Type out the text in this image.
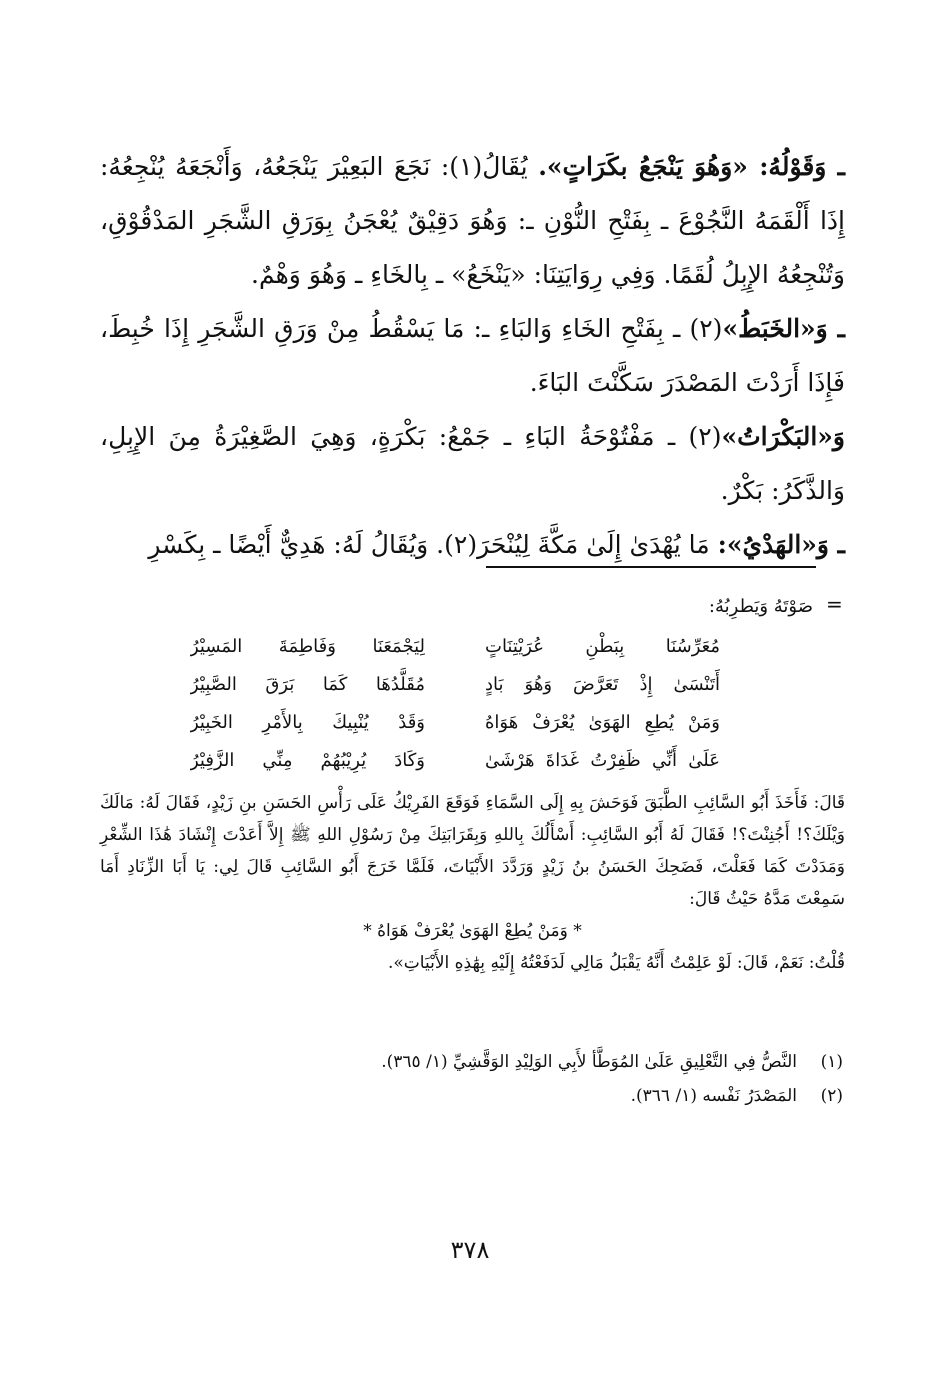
ـ وَقَوْلُهُ: «وَهُوَ يَنْجَعُ بكَرَاتٍ». يُقَالُ(١): نَجَعَ البَعِيْرَ يَنْجَعُهُ، وَأَنْجَعَهُ يُنْجِعُهُ: إِذَا أَلْقَمَهُ النَّجُوْعَ ـ بِفَتْحِ النُّوْنِ ـ: وَهُوَ دَقِيْقٌ يُعْجَنُ بِوَرَقِ الشَّجَرِ المَدْقُوْقِ، وَتُنْجِعُهُ الإِبِلُ لُقَمًا. وَفِي رِوَايَتِنَا: «يَنْخَعُ» ـ بِالخَاءِ ـ وَهُوَ وَهْمٌ.

ـ وَ«الخَبَطُ»(٢) ـ بِفَتْحِ الخَاءِ وَالبَاءِ ـ: مَا يَسْقُطُ مِنْ وَرَقِ الشَّجَرِ إِذَا خُبِطَ، فَإِذَا أَرَدْتَ المَصْدَرَ سَكَّنْتَ البَاءَ.

وَ«البَكْرَاتُ»(٢) ـ مَفْتُوْحَةُ البَاءِ ـ جَمْعُ: بَكْرَةٍ، وَهِيَ الصَّغِيْرَةُ مِنَ الإِبِلِ، وَالذَّكَرُ: بَكْرٌ.

ـ وَ«الهَدْيُ»: مَا يُهْدَىٰ إِلَىٰ مَكَّةَ لِيُنْحَرَ(٢). وَيُقَالُ لَهُ: هَدِيٌّ أَيْضًا ـ بِكَسْرِ

=
صَوْتَهُ وَيَطرِبُهُ:
مُعَرِّسُنَا بِبَطْنِ عُرَيْتِنَاتٍ
لِيَجْمَعَنَا وَفَاطِمَةَ المَسِيْرُ
أَتَنْسَىٰ إِذْ تَعَرَّضَ وَهُوَ بَادٍ
مُقَلَّدُهَا كَمَا بَرَقَ الصَّبِيْرُ
وَمَنْ يُطِعِ الهَوَىٰ يُعْرَفْ هَوَاهُ
وَقَدْ يُنْبِيكَ بِالأَمْرِ الخَبِيْرُ
عَلَىٰ أَنِّي ظَفِرْتُ غَدَاةَ هَرْشَىٰ
وَكَادَ يُرِيْبُهُمْ مِنِّي الزَّفِيْرُ

قَالَ: فَأَخَذَ أَبُو السَّائِبِ الطَّبَقَ فَوَحَشَ بِهِ إِلَى السَّمَاءِ فَوَقَعَ الفَرِيْكُ عَلَى رَأْسِ الحَسَنِ بنِ زَيْدٍ، فَقَالَ لَهُ: مَالَكَ وَيْلَكَ؟! أَجُنِنْتَ؟! فَقَالَ لَهُ أَبُو السَّائِبِ: أَسْأَلُكَ بِاللهِ وَبِقَرَابَتِكَ مِنْ رَسُوْلِ اللهِ ﷺ إِلاَّ أَعَدْتَ إِنْشَادَ هَٰذَا الشِّعْرِ وَمَدَدْتَ كَمَا فَعَلْتَ، فَضَحِكَ الحَسَنُ بنُ زَيْدٍ وَرَدَّدَ الأَبْيَاتَ، فَلَمَّا خَرَجَ أَبُو السَّائِبِ قَالَ لِي: يَا أَبَا الزِّنَادِ أَمَا سَمِعْتَ مَدَّهُ حَيْثُ قَالَ:

* وَمَنْ يُطِعْ الهَوَىٰ يُعْرَفْ هَوَاهُ *

قُلْتُ: نَعَمْ، قَالَ: لَوْ عَلِمْتُ أَنَّهُ يَقْبَلُ مَالِي لَدَفَعْتُهُ إِلَيْهِ بِهَٰذِهِ الأَبْيَاتِ».

(١)
النَّصُّ فِي التَّعْلِيقِ عَلَىٰ المُوَطَّأ لأَبِي الوَلِيْدِ الوَقَّشِيِّ (١/ ٣٦٥).
(٢)
المَصْدَرُ نَفْسه (١/ ٣٦٦).
٣٧٨
